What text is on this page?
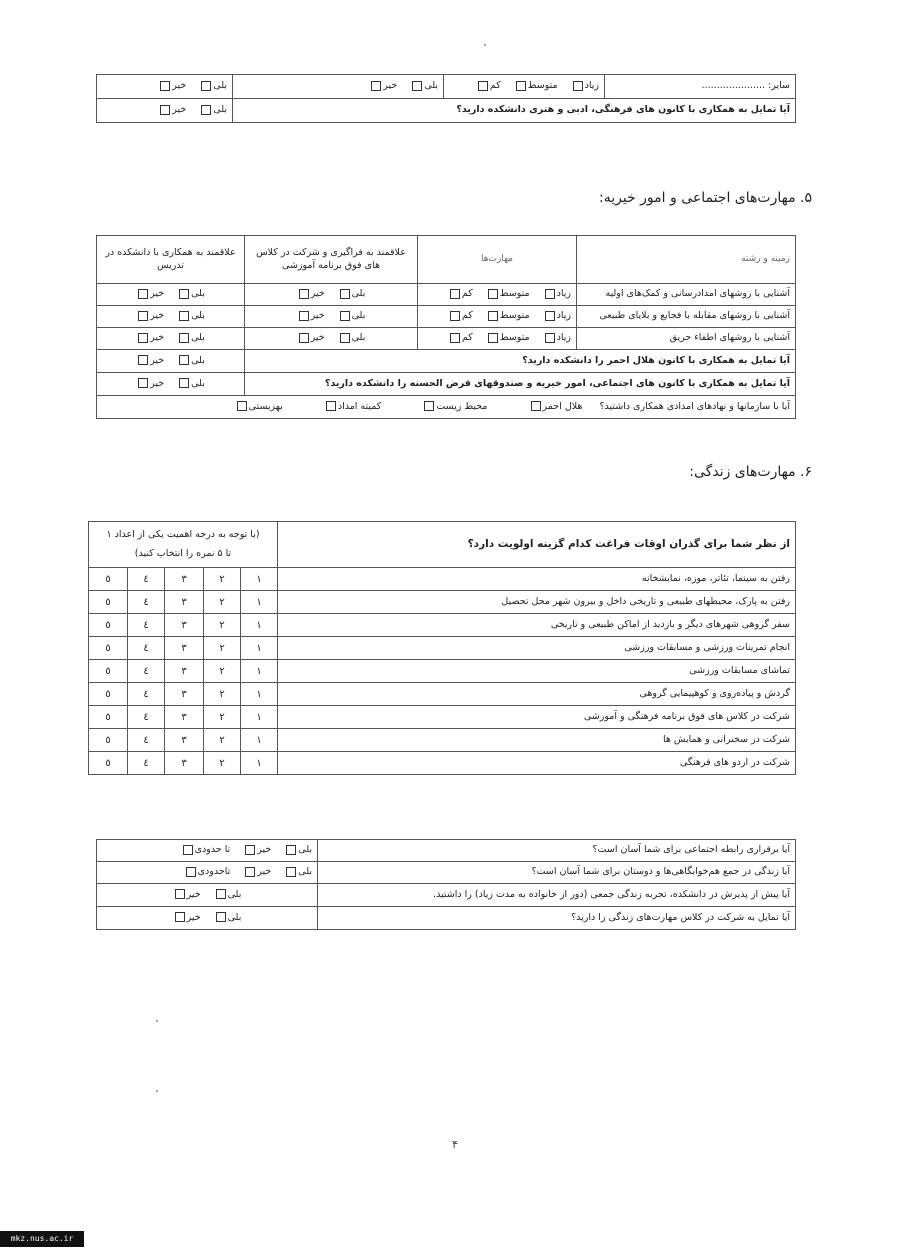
سایر: .....................	زیاد متوسط کم	بلی خیر	بلی خیر
آیا تمایل به همکاری با کانون های فرهنگی، ادبی و هنری دانشکده دارید؟			بلی خیر
۵. مهارت‌های اجتماعی و امور خیریه:
زمینه و رشته	مهارت‌ها	علاقمند به فراگیری و شرکت در کلاس های فوق برنامه آموزشی	علاقمند به همکاری با دانشکده در تدریس
آشنایی با روشهای امدادرسانی و کمک‌های اولیه	زیاد متوسط کم	بلی خیر	بلی خیر
آشنایی با روشهای مقابله با فجایع و بلایای طبیعی	زیاد متوسط کم	بلی خیر	بلی خیر
آشنایی با روشهای اطفاء حریق	زیاد متوسط کم	بلی خیر	بلی خیر
آیا تمایل به همکاری با کانون هلال احمر را دانشکده دارید؟			بلی خیر
آیا تمایل به همکاری با کانون های اجتماعی، امور خیریه و صندوقهای قرض الحسنه را دانشکده دارید؟			بلی خیر
آیا با سازمانها و نهادهای امدادی همکاری داشتید؟ هلال احمر محیط زیست کمیته امداد بهزیستی			
۶. مهارت‌های زندگی:
از نظر شما برای گذران اوقات فراغت کدام گزینه اولویت دارد؟	(با توجه به درجه اهمیت یکی از اعداد ۱
تا ۵ نمره را انتخاب کنید)				
رفتن به سینما، تئاتر، موزه، نمایشخانه	۱	۲	۳	٤	٥
رفتن به پارک، محیطهای طبیعی و تاریخی داخل و بیرون شهر محل تحصیل	۱	۲	۳	٤	٥
سفر گروهی شهرهای دیگر و بازدید از اماکن طبیعی و تاریخی	۱	۲	۳	٤	٥
انجام تمرینات ورزشی و مسابقات ورزشی	۱	۲	۳	٤	٥
تماشای مسابقات ورزشی	۱	۲	۳	٤	٥
گردش و پیاده‌روی و کوهپیمایی گروهی	۱	۲	۳	٤	٥
شرکت در کلاس های فوق برنامه فرهنگی و آموزشی	۱	۲	۳	٤	٥
شرکت در سخنرانی و همایش ها	۱	۲	۳	٤	٥
شرکت در اردو های فرهنگی	۱	۲	۳	٤	٥
آیا برقراری رابطه اجتماعی برای شما آسان است؟	بلی خیر تا حدودی
آیا زندگی در جمع هم‌خوابگاهی‌ها و دوستان برای شما آسان است؟	بلی خیر تاحدودی
آیا پیش از پذیرش در دانشکده، تجربه زندگی جمعی (دور از خانواده به مدت زیاد) را داشتید.	بلی خیر
آیا تمایل به شرکت در کلاس مهارت‌های زندگی را دارید؟	بلی خیر
۴
mkz.nus.ac.ir
